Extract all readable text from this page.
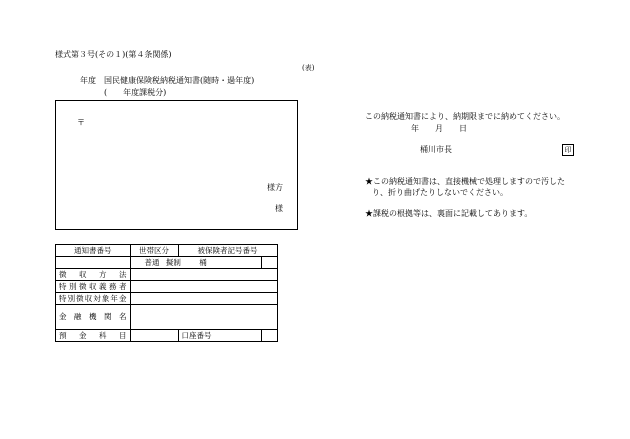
様式第３号(その１)(第４条関係)
(表)
年度　国民健康保険税納税通知書(随時・過年度)
(　　年度課税分)
〒
様方
様
通知書番号	世帯区分	被保険者記号番号	
	普通 擬制 桶		
徴　収　方　法			
特別徴収義務者			
特別徴収対象年金			
金　融　機　関　名			
預　金　科　目		口座番号	
この納税通知書により、納期限までに納めてください。
年　　月　　日
桶川市長	印
★この納税通知書は、直接機械で処理しますので汚した
り、折り曲げたりしないでください。
★課税の根拠等は、裏面に記載してあります。
